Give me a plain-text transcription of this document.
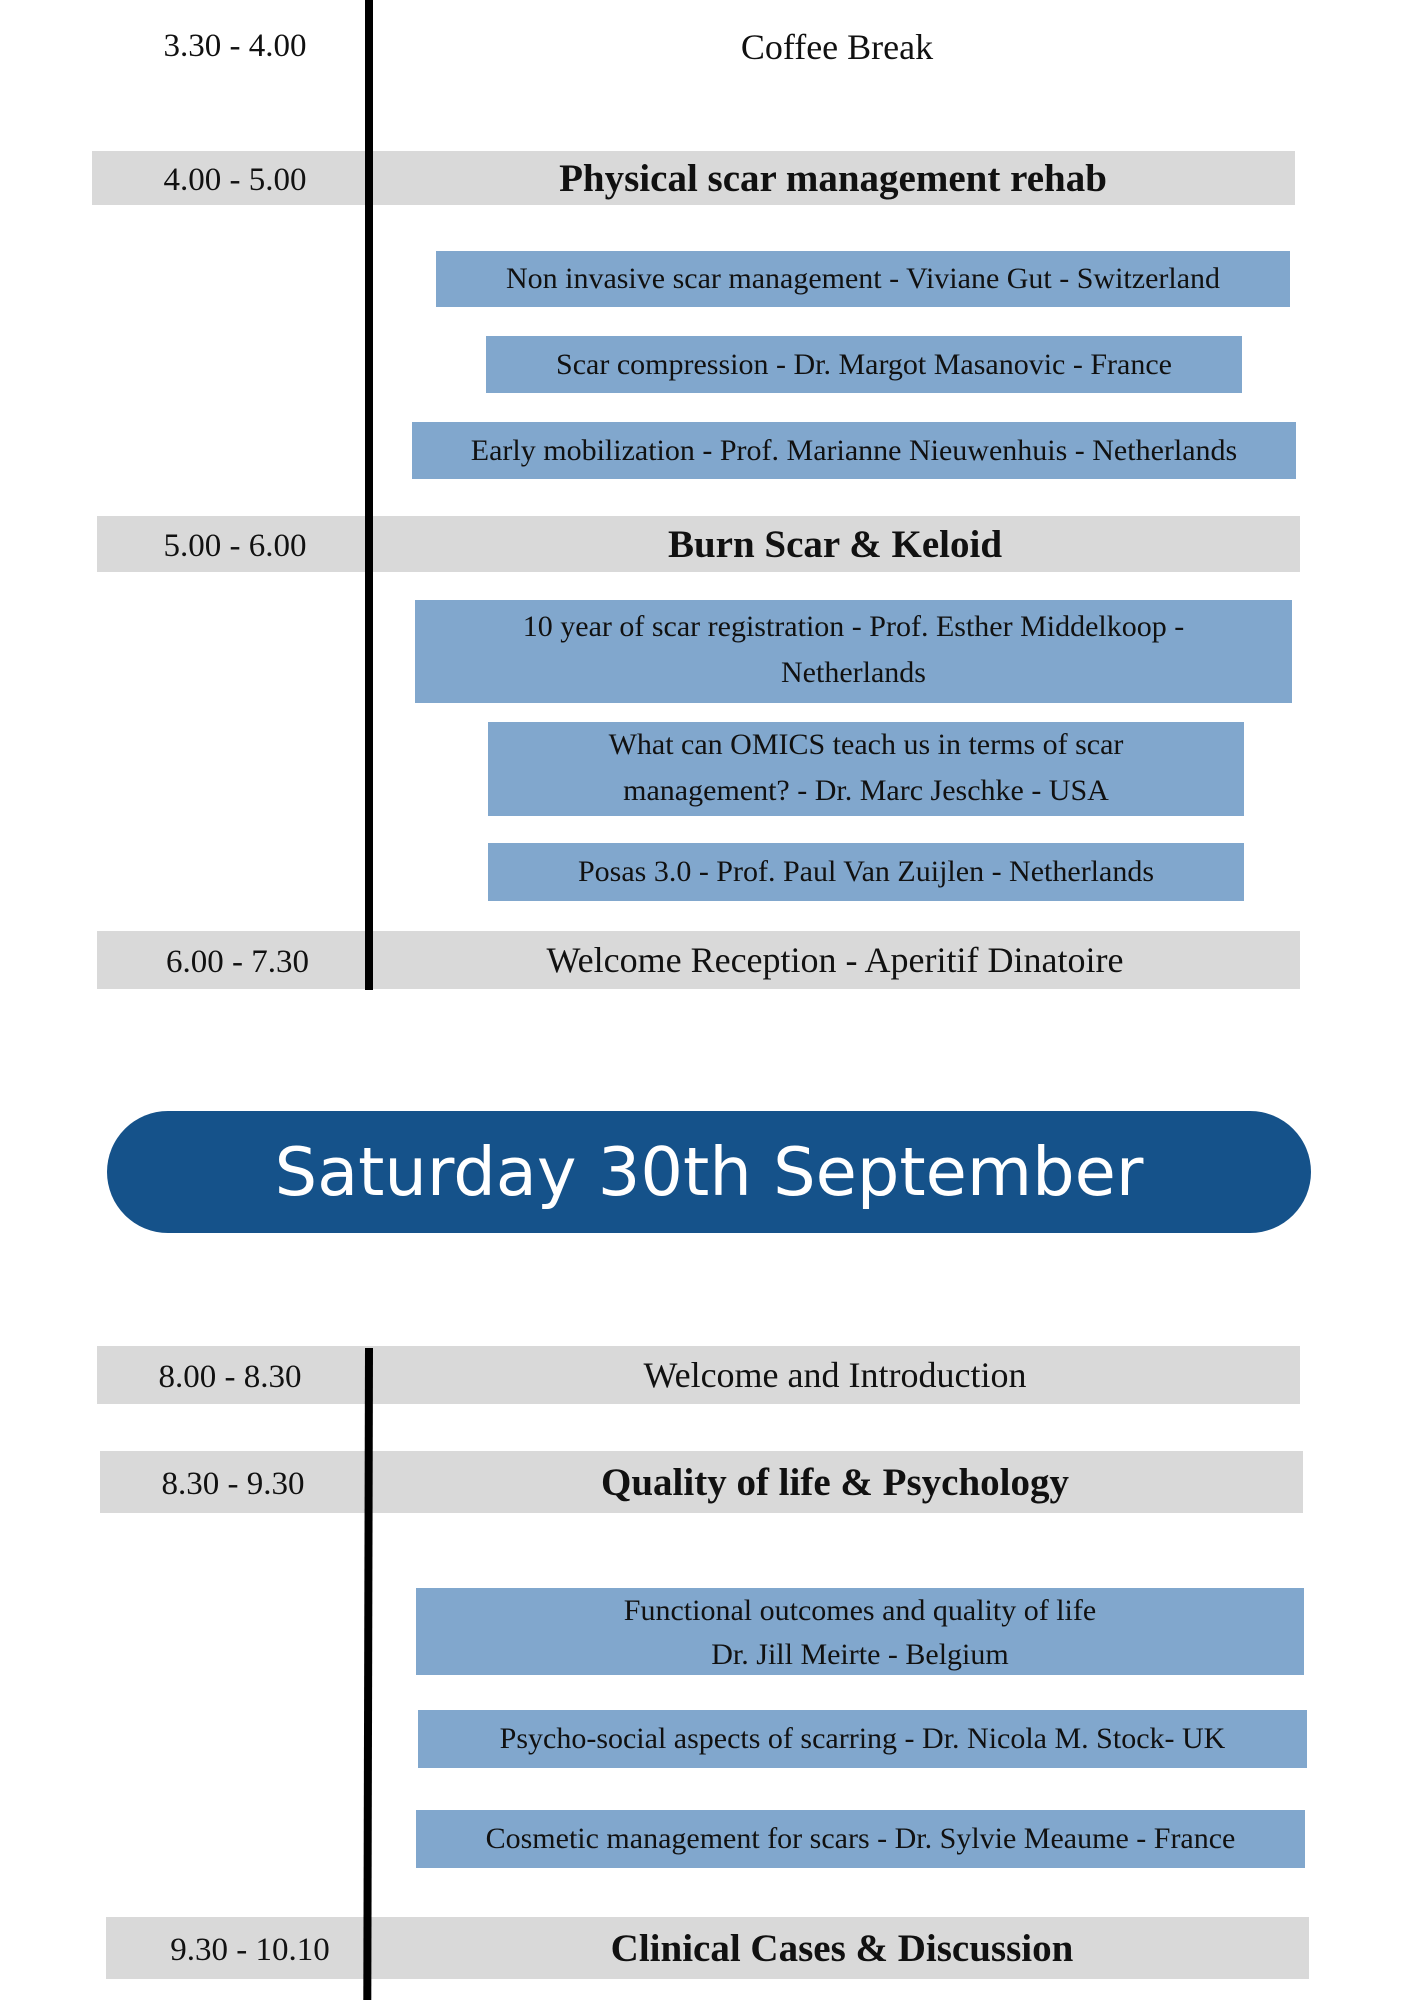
3.30 - 4.00	Coffee Break
4.00 - 5.00	Physical scar management rehab
Non invasive scar management - Viviane Gut - Switzerland
Scar compression - Dr. Margot Masanovic - France
Early mobilization - Prof. Marianne Nieuwenhuis - Netherlands
5.00 - 6.00	Burn Scar & Keloid
10 year of scar registration - Prof. Esther Middelkoop -
Netherlands
What can OMICS teach us in terms of scar
management? - Dr. Marc Jeschke - USA
Posas 3.0 - Prof. Paul Van Zuijlen - Netherlands
6.00 - 7.30	Welcome Reception - Aperitif Dinatoire
Saturday 30th September
8.00 - 8.30	Welcome and Introduction
8.30 - 9.30	Quality of life & Psychology
Functional outcomes and quality of life
Dr. Jill Meirte - Belgium
Psycho-social aspects of scarring - Dr. Nicola M. Stock- UK
Cosmetic management for scars - Dr. Sylvie Meaume - France
9.30 - 10.10	Clinical Cases & Discussion
